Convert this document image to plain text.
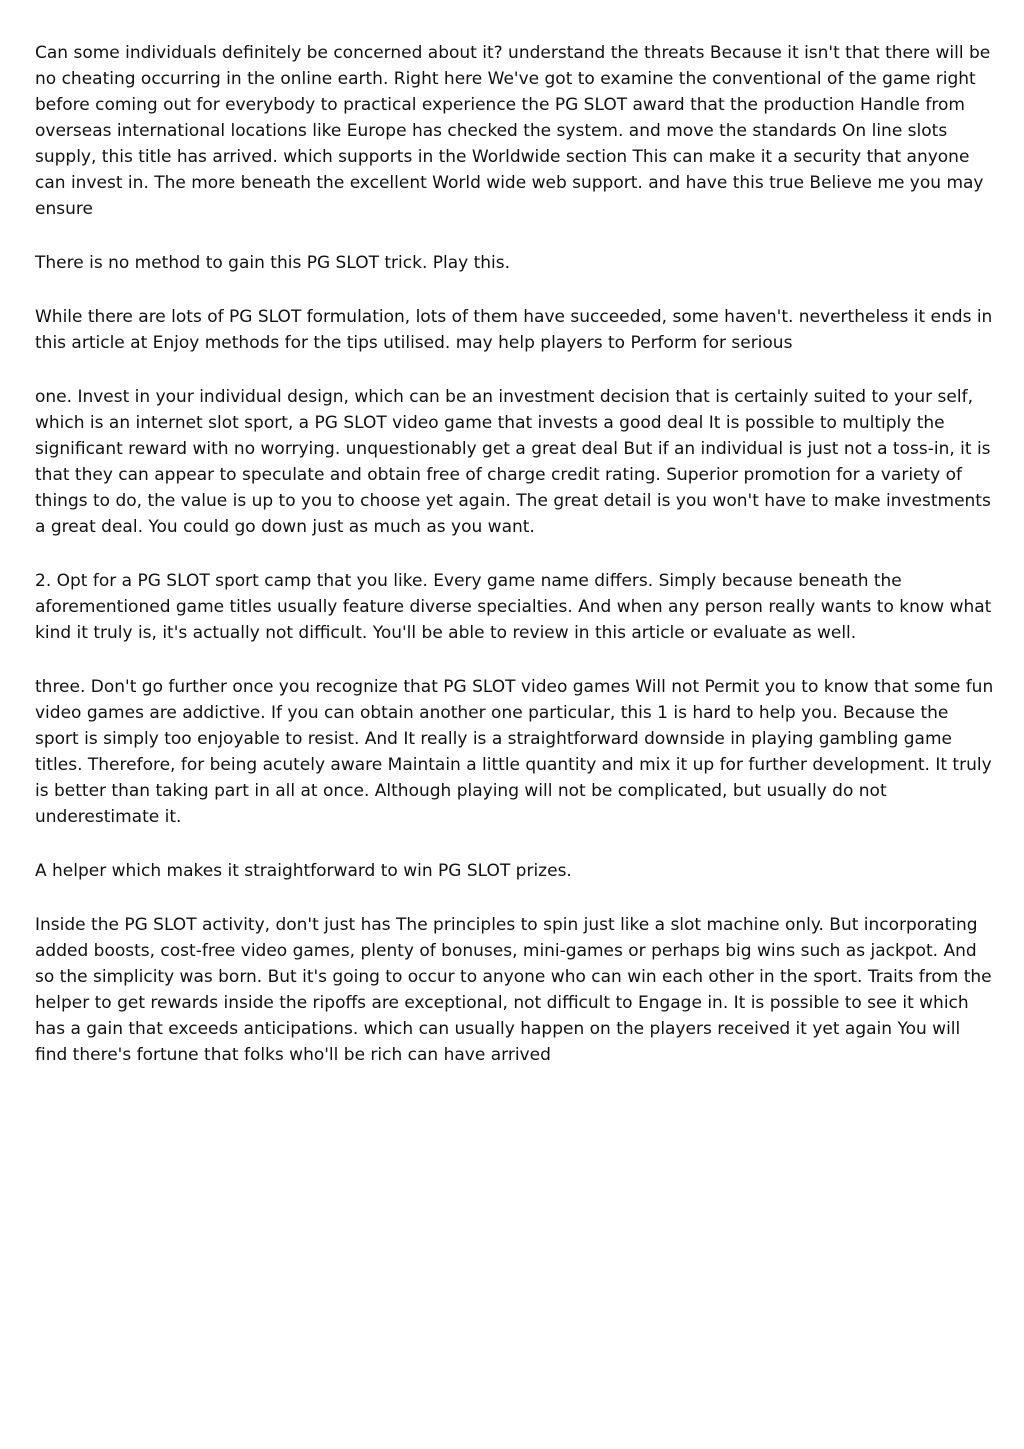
Can some individuals definitely be concerned about it? understand the threats Because it isn't that there will be no cheating occurring in the online earth. Right here We've got to examine the conventional of the game right before coming out for everybody to practical experience the PG SLOT award that the production Handle from overseas international locations like Europe has checked the system. and move the standards On line slots supply, this title has arrived. which supports in the Worldwide section This can make it a security that anyone can invest in. The more beneath the excellent World wide web support. and have this true Believe me you may ensure

There is no method to gain this PG SLOT trick. Play this.

While there are lots of PG SLOT formulation, lots of them have succeeded, some haven't. nevertheless it ends in this article at Enjoy methods for the tips utilised. may help players to Perform for serious

one. Invest in your individual design, which can be an investment decision that is certainly suited to your self, which is an internet slot sport, a PG SLOT video game that invests a good deal It is possible to multiply the significant reward with no worrying. unquestionably get a great deal But if an individual is just not a toss-in, it is that they can appear to speculate and obtain free of charge credit rating. Superior promotion for a variety of things to do, the value is up to you to choose yet again. The great detail is you won't have to make investments a great deal. You could go down just as much as you want.

2. Opt for a PG SLOT sport camp that you like. Every game name differs. Simply because beneath the aforementioned game titles usually feature diverse specialties. And when any person really wants to know what kind it truly is, it's actually not difficult. You'll be able to review in this article or evaluate as well.

three. Don't go further once you recognize that PG SLOT video games Will not Permit you to know that some fun video games are addictive. If you can obtain another one particular, this 1 is hard to help you. Because the sport is simply too enjoyable to resist. And It really is a straightforward downside in playing gambling game titles. Therefore, for being acutely aware Maintain a little quantity and mix it up for further development. It truly is better than taking part in all at once. Although playing will not be complicated, but usually do not underestimate it.

A helper which makes it straightforward to win PG SLOT prizes.

Inside the PG SLOT activity, don't just has The principles to spin just like a slot machine only. But incorporating added boosts, cost-free video games, plenty of bonuses, mini-games or perhaps big wins such as jackpot. And so the simplicity was born. But it's going to occur to anyone who can win each other in the sport. Traits from the helper to get rewards inside the ripoffs are exceptional, not difficult to Engage in. It is possible to see it which has a gain that exceeds anticipations. which can usually happen on the players received it yet again You will find there's fortune that folks who'll be rich can have arrived
